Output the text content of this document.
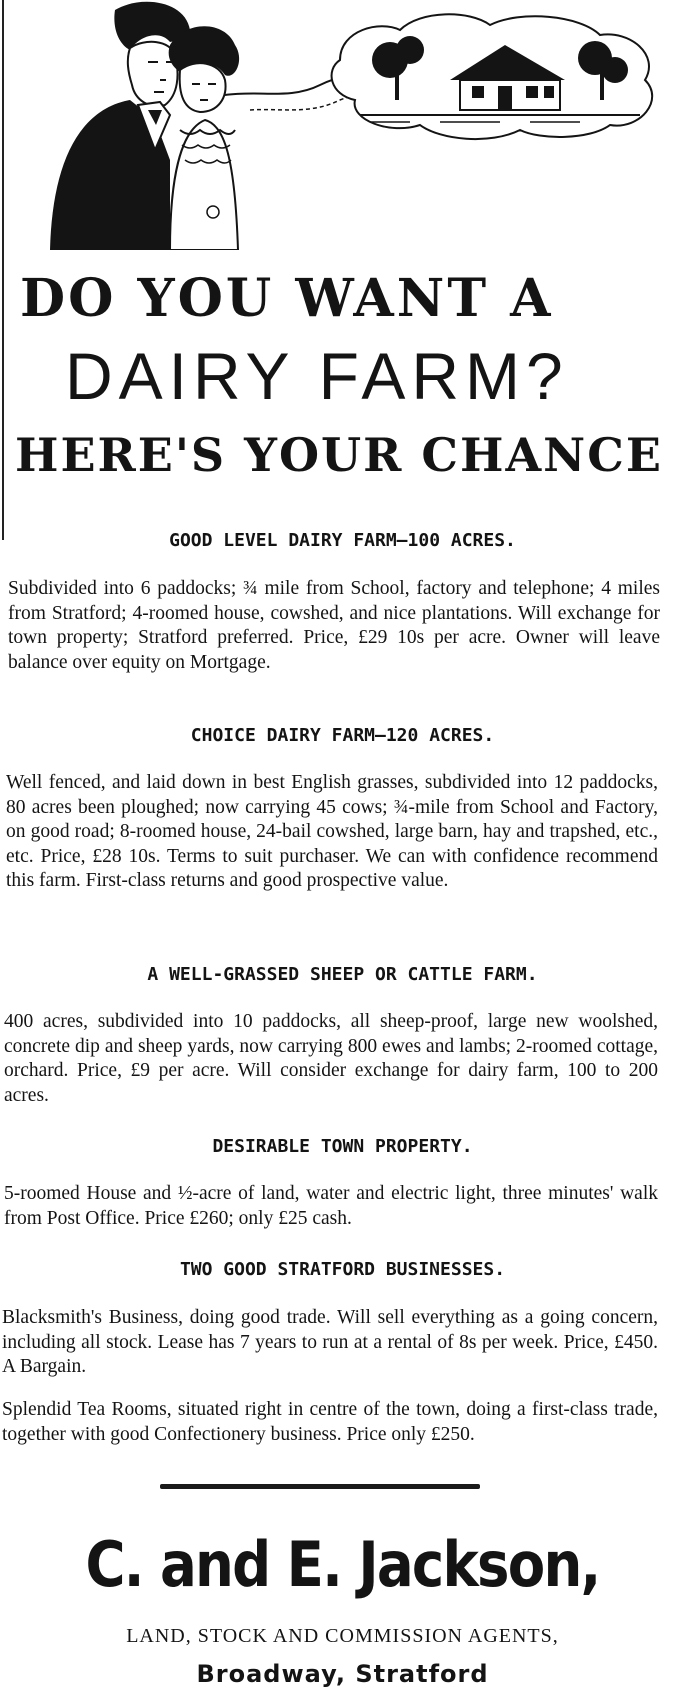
DO YOU WANT A
DAIRY FARM?
HERE'S YOUR CHANCE
GOOD LEVEL DAIRY FARM—100 ACRES.
Subdivided into 6 paddocks; ¾ mile from School, factory and telephone; 4 miles from Stratford; 4-roomed house, cowshed, and nice plantations. Will exchange for town property; Stratford preferred. Price, £29 10s per acre. Owner will leave balance over equity on Mortgage.
CHOICE DAIRY FARM—120 ACRES.
Well fenced, and laid down in best English grasses, subdivided into 12 paddocks, 80 acres been ploughed; now carrying 45 cows; ¾-mile from School and Factory, on good road; 8-roomed house, 24-bail cowshed, large barn, hay and trapshed, etc., etc. Price, £28 10s. Terms to suit purchaser. We can with confidence recommend this farm. First-class returns and good prospective value.
A WELL-GRASSED SHEEP OR CATTLE FARM.
400 acres, subdivided into 10 paddocks, all sheep-proof, large new woolshed, concrete dip and sheep yards, now carrying 800 ewes and lambs; 2-roomed cottage, orchard. Price, £9 per acre. Will consider exchange for dairy farm, 100 to 200 acres.
DESIRABLE TOWN PROPERTY.
5-roomed House and ½-acre of land, water and electric light, three minutes' walk from Post Office. Price £260; only £25 cash.
TWO GOOD STRATFORD BUSINESSES.
Blacksmith's Business, doing good trade. Will sell everything as a going concern, including all stock. Lease has 7 years to run at a rental of 8s per week. Price, £450. A Bargain.
Splendid Tea Rooms, situated right in centre of the town, doing a first-class trade, together with good Confectionery business. Price only £250.
C. and E. Jackson,
LAND, STOCK AND COMMISSION AGENTS,
Broadway, Stratford
